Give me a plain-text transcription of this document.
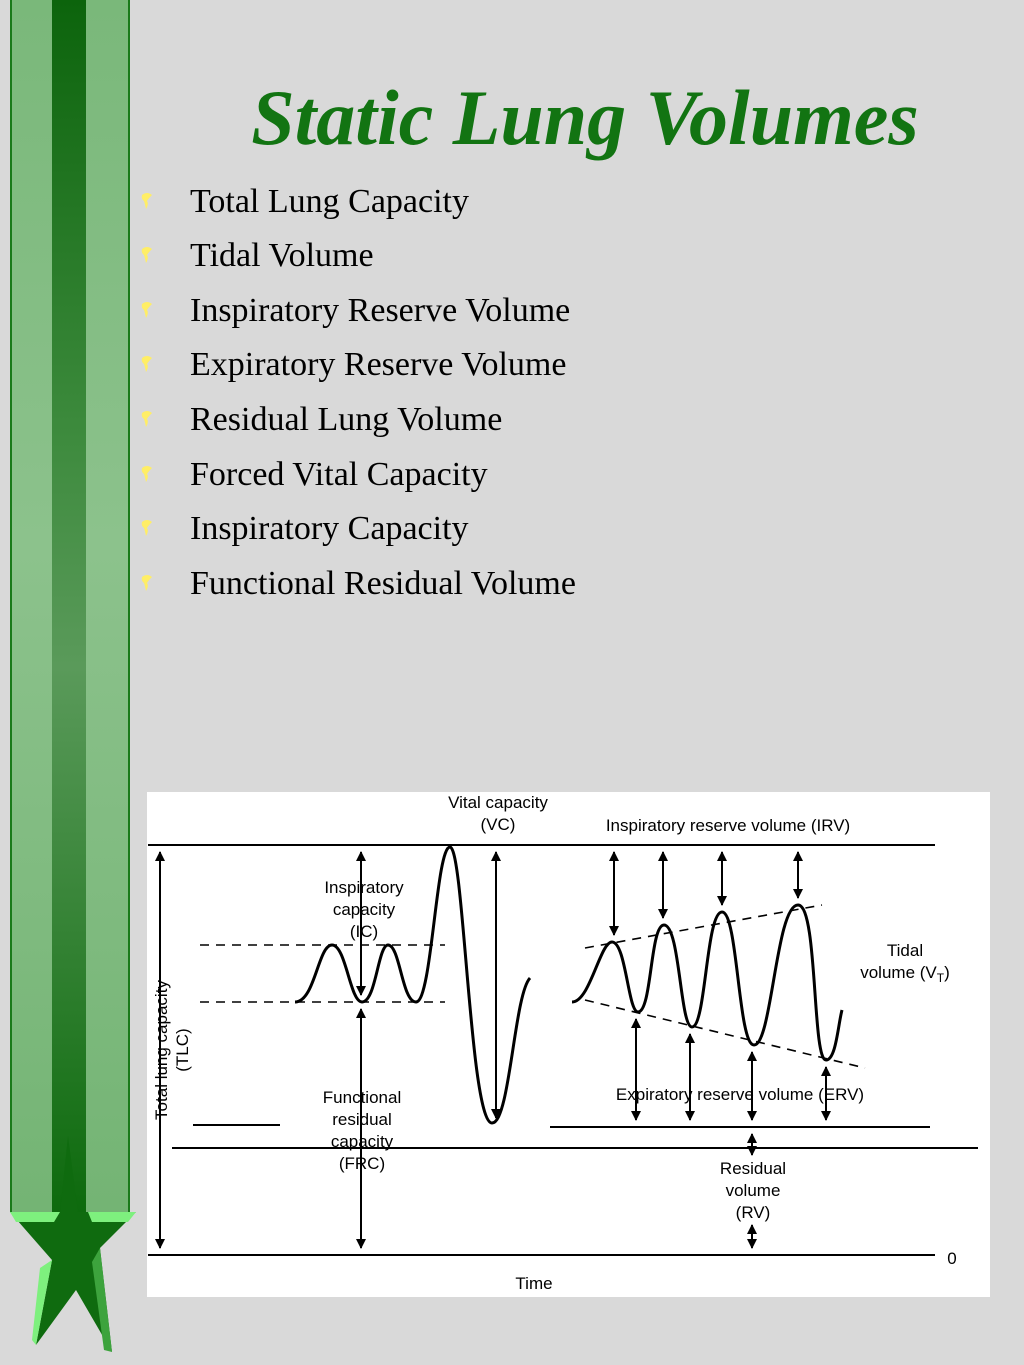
Static Lung Volumes
Total Lung Capacity
Tidal Volume
Inspiratory Reserve Volume
Expiratory Reserve Volume
Residual Lung Volume
Forced Vital Capacity
Inspiratory Capacity
Functional Residual Volume
Vital capacity
(VC)	Inspiratory reserve volume (IRV)
Inspiratory
capacity
(IC)
Total lung capacity (TLC)
Tidal
volume $(V_T)$
Functional
residual
capacity
(FRC)
Expiratory reserve volume (ERV)
Residual
volume
(RV)
0
Time
